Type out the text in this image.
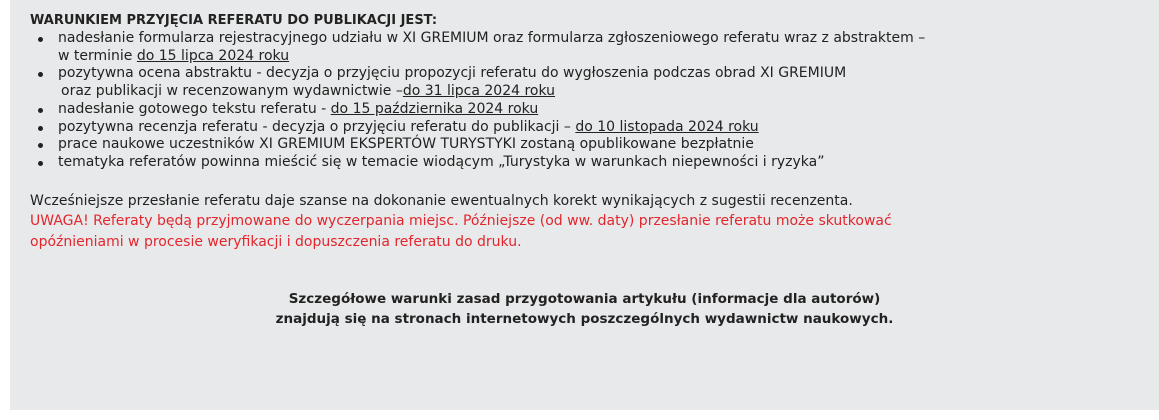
WARUNKIEM PRZYJĘCIA REFERATU DO PUBLIKACJI JEST:

nadesłanie formularza rejestracyjnego udziału w XI GREMIUM oraz formularza zgłoszeniowego referatu wraz z abstraktem –
w terminie do 15 lipca 2024 roku
pozytywna ocena abstraktu - decyzja o przyjęciu propozycji referatu do wygłoszenia podczas obrad XI GREMIUM
oraz publikacji w recenzowanym wydawnictwie –do 31 lipca 2024 roku
nadesłanie gotowego tekstu referatu - do 15 października 2024 roku
pozytywna recenzja referatu - decyzja o przyjęciu referatu do publikacji – do 10 listopada 2024 roku
prace naukowe uczestników XI GREMIUM EKSPERTÓW TURYSTYKI zostaną opublikowane bezpłatnie
tematyka referatów powinna mieścić się w temacie wiodącym „Turystyka w warunkach niepewności i ryzyka”

Wcześniejsze przesłanie referatu daje szanse na dokonanie ewentualnych korekt wynikających z sugestii recenzenta.

UWAGA! Referaty będą przyjmowane do wyczerpania miejsc. Późniejsze (od ww. daty) przesłanie referatu może skutkować

opóźnieniami w procesie weryfikacji i dopuszczenia referatu do druku.

Szczegółowe warunki zasad przygotowania artykułu (informacje dla autorów)

znajdują się na stronach internetowych poszczególnych wydawnictw naukowych.
